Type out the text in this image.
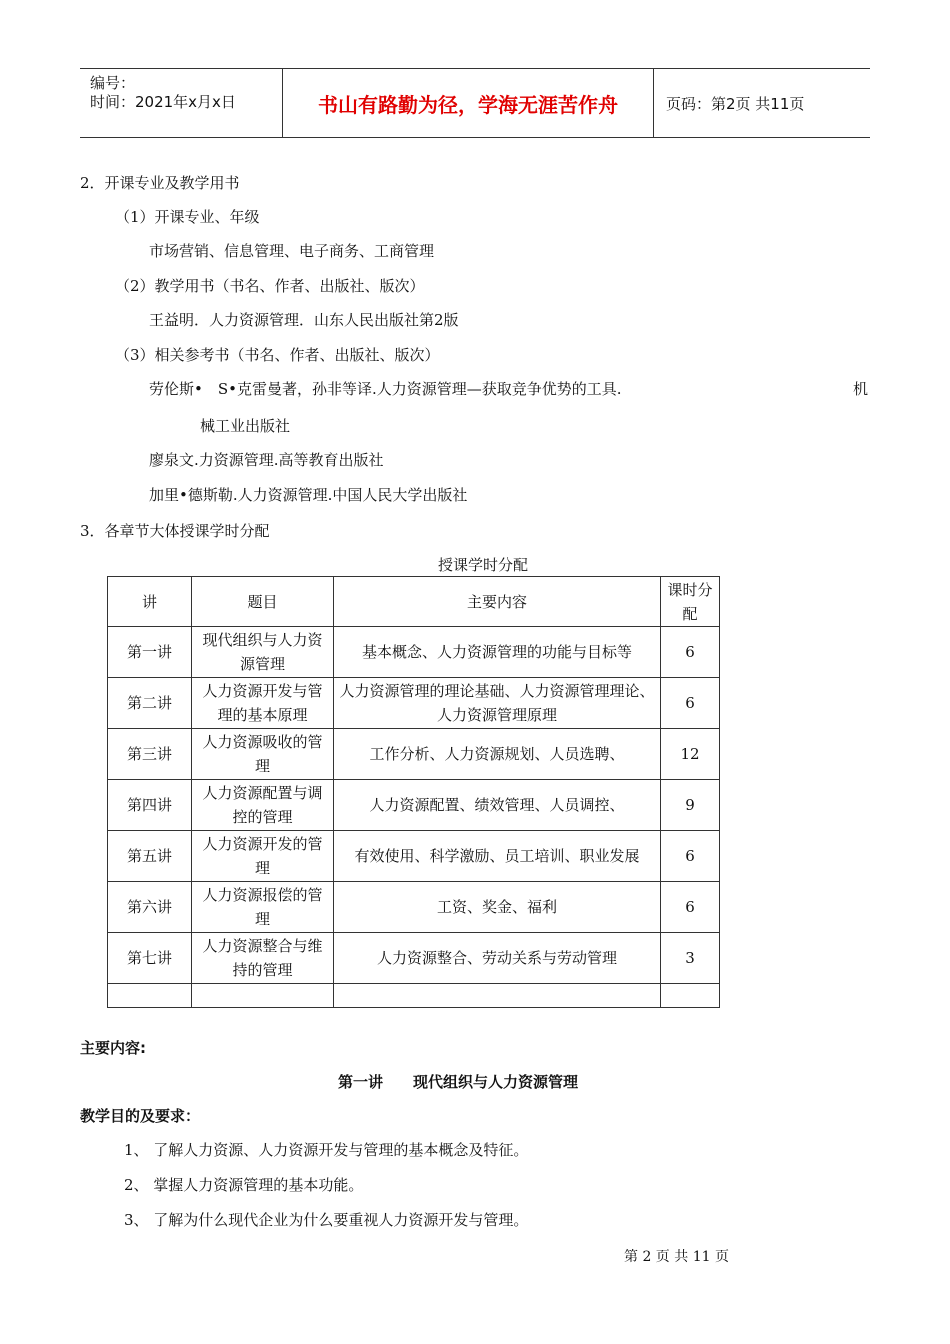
编号：
时间：2021年x月x日	书山有路勤为径，学海无涯苦作舟	页码：第2页 共11页
2．开课专业及教学用书
（1）开课专业、年级
市场营销、信息管理、电子商务、工商管理
（2）教学用书（书名、作者、出版社、版次）
王益明．人力资源管理．山东人民出版社第2版
（3）相关参考书（书名、作者、出版社、版次）
劳伦斯•　S•克雷曼著，孙非等译.人力资源管理—获取竞争优势的工具.	机
械工业出版社
廖泉文.力资源管理.高等教育出版社
加里•德斯勒.人力资源管理.中国人民大学出版社
3．各章节大体授课学时分配
授课学时分配
讲	题目	主要内容	课时分配
第一讲	现代组织与人力资源管理	基本概念、人力资源管理的功能与目标等	6
第二讲	人力资源开发与管理的基本原理	人力资源管理的理论基础、人力资源管理理论、人力资源管理原理	6
第三讲	人力资源吸收的管理	工作分析、人力资源规划、人员选聘、	12
第四讲	人力资源配置与调控的管理	人力资源配置、绩效管理、人员调控、	9
第五讲	人力资源开发的管理	有效使用、科学激励、员工培训、职业发展	6
第六讲	人力资源报偿的管理	工资、奖金、福利	6
第七讲	人力资源整合与维持的管理	人力资源整合、劳动关系与劳动管理	3

主要内容:
第一讲　　现代组织与人力资源管理
教学目的及要求：
1、 了解人力资源、人力资源开发与管理的基本概念及特征。
2、 掌握人力资源管理的基本功能。
3、 了解为什么现代企业为什么要重视人力资源开发与管理。
第 2 页 共 11 页
